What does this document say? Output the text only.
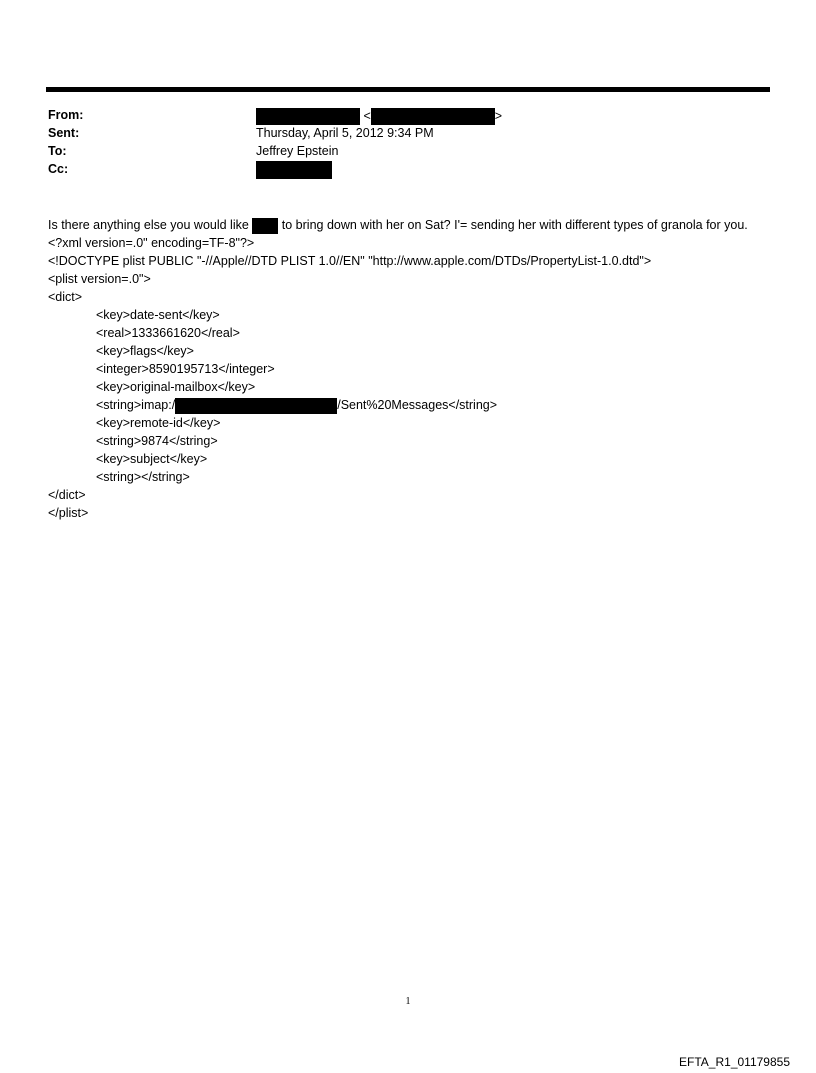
From:	<	>
Sent:	Thursday, April 5, 2012 9:34 PM
To:	Jeffrey Epstein
Cc:
Is there anything else you would like	to bring down with her on Sat? I'= sending her with different types of granola for you.
<?xml version=.0" encoding=TF-8"?>
<!DOCTYPE plist PUBLIC "-//Apple//DTD PLIST 1.0//EN" "http://www.apple.com/DTDs/PropertyList-1.0.dtd">
<plist version=.0">
<dict>
<key>date-sent</key>
<real>1333661620</real>
<key>flags</key>
<integer>8590195713</integer>
<key>original-mailbox</key>
<string>imap:/	/Sent%20Messages</string>
<key>remote-id</key>
<string>9874</string>
<key>subject</key>
<string></string>
</dict>
</plist>
1
EFTA_R1_01179855
